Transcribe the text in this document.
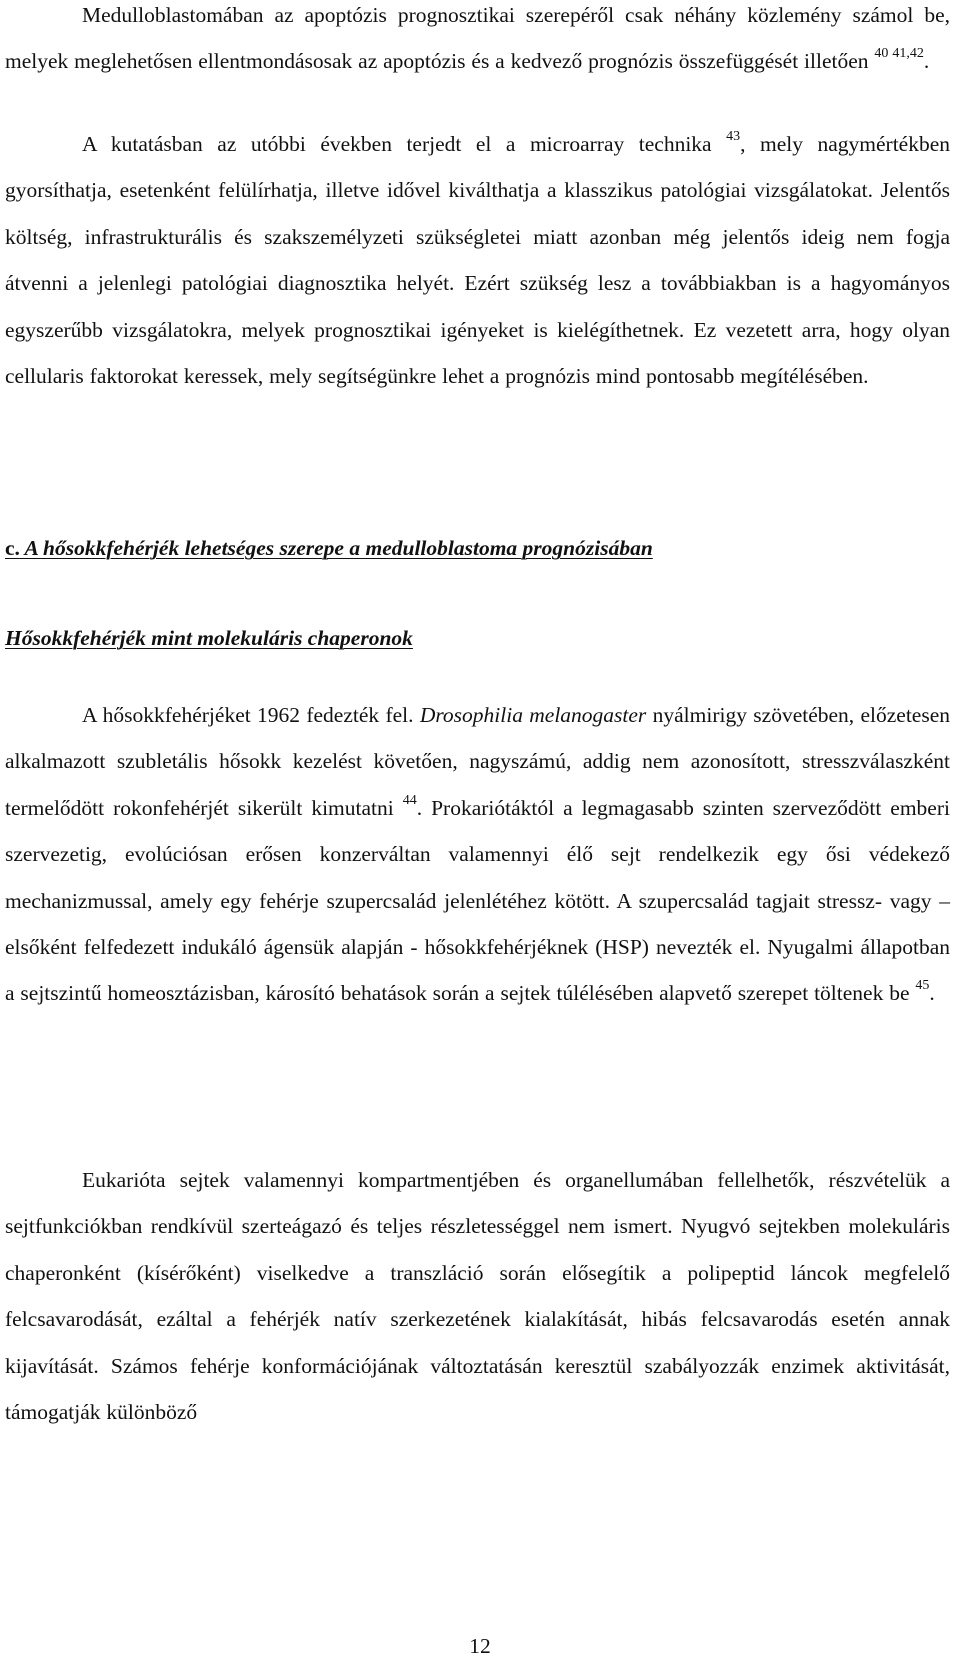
Medulloblastomában az apoptózis prognosztikai szerepéről csak néhány közlemény számol be, melyek meglehetősen ellentmondásosak az apoptózis és a kedvező prognózis összefüggését illetően $^{40 41,42}$.

A kutatásban az utóbbi években terjedt el a microarray technika $^{43}$, mely nagymértékben gyorsíthatja, esetenként felülírhatja, illetve idővel kiválthatja a klasszikus patológiai vizsgálatokat. Jelentős költség, infrastrukturális és szakszemélyzeti szükségletei miatt azonban még jelentős ideig nem fogja átvenni a jelenlegi patológiai diagnosztika helyét. Ezért szükség lesz a továbbiakban is a hagyományos egyszerűbb vizsgálatokra, melyek prognosztikai igényeket is kielégíthetnek. Ez vezetett arra, hogy olyan cellularis faktorokat keressek, mely segítségünkre lehet a prognózis mind pontosabb megítélésében.

c. A hősokkfehérjék lehetséges szerepe a medulloblastoma prognózisában
Hősokkfehérjék mint molekuláris chaperonok

A hősokkfehérjéket 1962 fedezték fel. Drosophilia melanogaster nyálmirigy szövetében, előzetesen alkalmazott szubletális hősokk kezelést követően, nagyszámú, addig nem azonosított, stresszválaszként termelődött rokonfehérjét sikerült kimutatni $^{44}$. Prokariótáktól a legmagasabb szinten szerveződött emberi szervezetig, evolúciósan erősen konzerváltan valamennyi élő sejt rendelkezik egy ősi védekező mechanizmussal, amely egy fehérje szupercsalád jelenlétéhez kötött. A szupercsalád tagjait stressz- vagy – elsőként felfedezett indukáló ágensük alapján - hősokkfehérjéknek (HSP) nevezték el. Nyugalmi állapotban a sejtszintű homeosztázisban, károsító behatások során a sejtek túlélésében alapvető szerepet töltenek be $^{45}$.

Eukarióta sejtek valamennyi kompartmentjében és organellumában fellelhetők, részvételük a sejtfunkciókban rendkívül szerteágazó és teljes részletességgel nem ismert. Nyugvó sejtekben molekuláris chaperonként (kísérőként) viselkedve a transzláció során elősegítik a polipeptid láncok megfelelő felcsavarodását, ezáltal a fehérjék natív szerkezetének kialakítását, hibás felcsavarodás esetén annak kijavítását. Számos fehérje konformációjának változtatásán keresztül szabályozzák enzimek aktivitását, támogatják különböző

12
